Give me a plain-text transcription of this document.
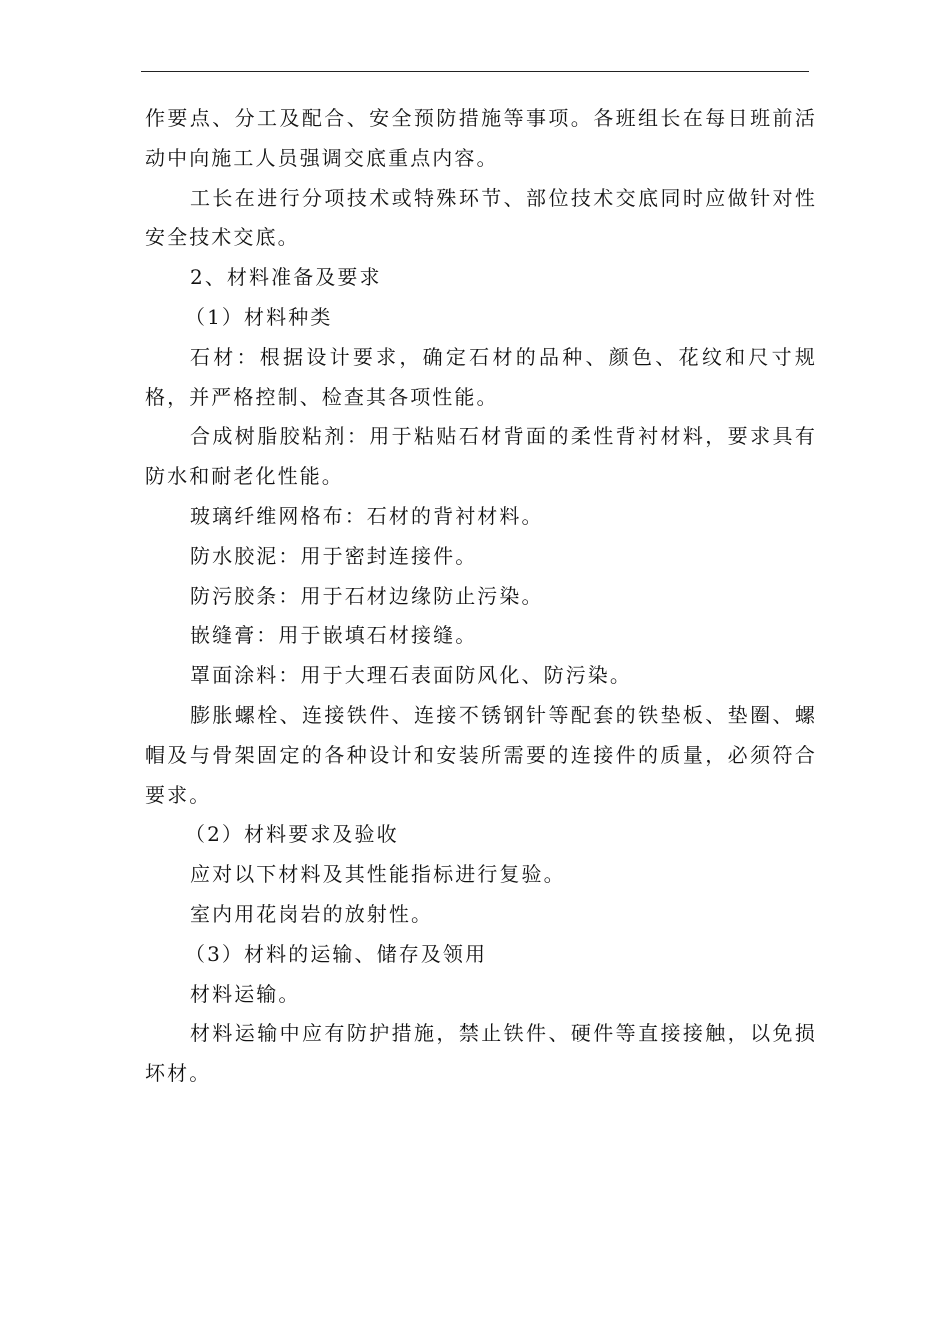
作要点、分工及配合、安全预防措施等事项。各班组长在每日班前活动中向施工人员强调交底重点内容。

工长在进行分项技术或特殊环节、部位技术交底同时应做针对性安全技术交底。

2、材料准备及要求

（1）材料种类

石材：根据设计要求，确定石材的品种、颜色、花纹和尺寸规格，并严格控制、检查其各项性能。

合成树脂胶粘剂：用于粘贴石材背面的柔性背衬材料，要求具有防水和耐老化性能。

玻璃纤维网格布：石材的背衬材料。

防水胶泥：用于密封连接件。

防污胶条：用于石材边缘防止污染。

嵌缝膏：用于嵌填石材接缝。

罩面涂料：用于大理石表面防风化、防污染。

膨胀螺栓、连接铁件、连接不锈钢针等配套的铁垫板、垫圈、螺帽及与骨架固定的各种设计和安装所需要的连接件的质量，必须符合要求。

（2）材料要求及验收

应对以下材料及其性能指标进行复验。

室内用花岗岩的放射性。

（3）材料的运输、储存及领用

材料运输。

材料运输中应有防护措施，禁止铁件、硬件等直接接触，以免损坏材。
